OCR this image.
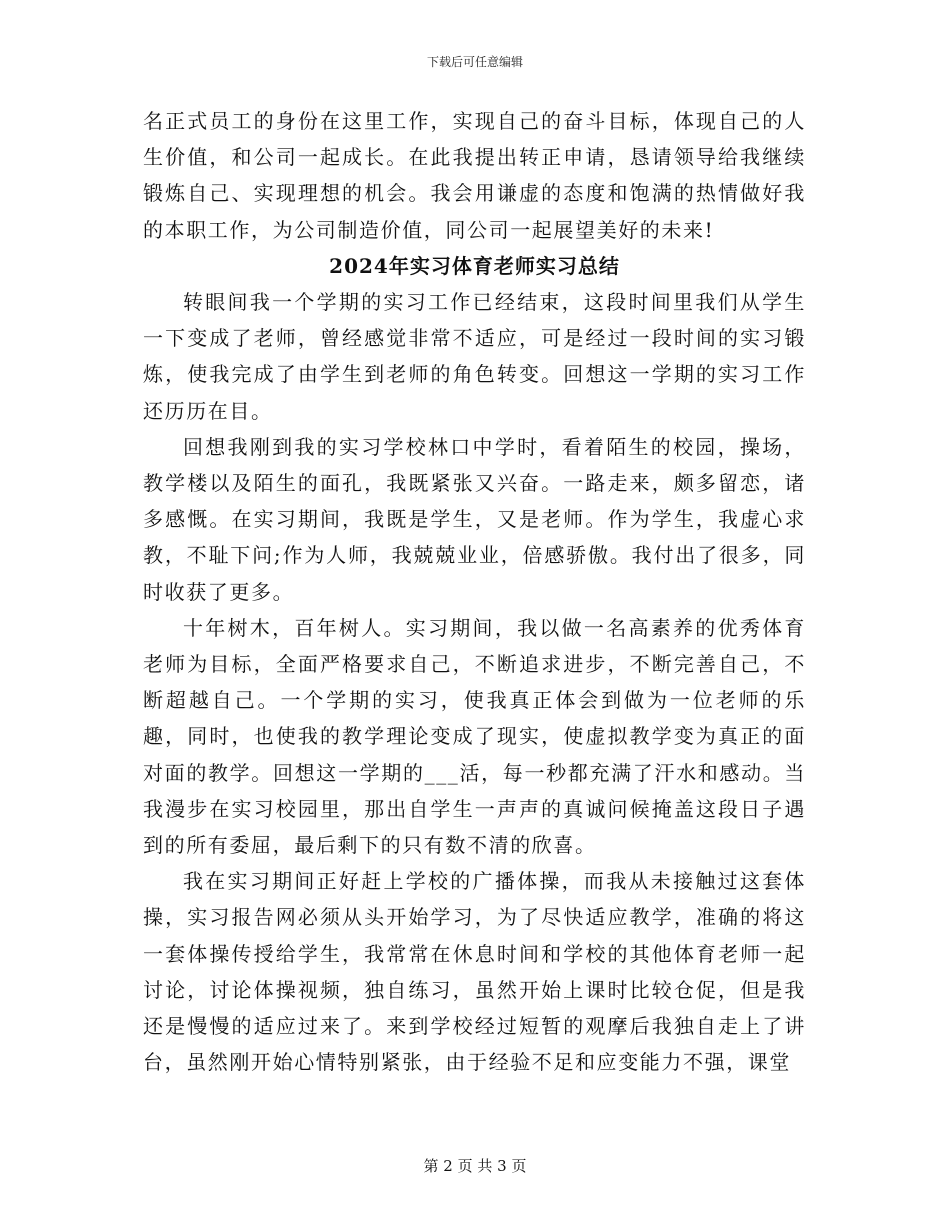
下载后可任意编辑

名正式员工的身份在这里工作，实现自己的奋斗目标，体现自己的人生价值，和公司一起成长。在此我提出转正申请，恳请领导给我继续锻炼自己、实现理想的机会。我会用谦虚的态度和饱满的热情做好我的本职工作，为公司制造价值，同公司一起展望美好的未来!

2024年实习体育老师实习总结

转眼间我一个学期的实习工作已经结束，这段时间里我们从学生一下变成了老师，曾经感觉非常不适应，可是经过一段时间的实习锻炼，使我完成了由学生到老师的角色转变。回想这一学期的实习工作还历历在目。

回想我刚到我的实习学校林口中学时，看着陌生的校园，操场，教学楼以及陌生的面孔，我既紧张又兴奋。一路走来，颇多留恋，诸多感慨。在实习期间，我既是学生，又是老师。作为学生，我虚心求教，不耻下问;作为人师，我兢兢业业，倍感骄傲。我付出了很多，同时收获了更多。

十年树木，百年树人。实习期间，我以做一名高素养的优秀体育老师为目标，全面严格要求自己，不断追求进步，不断完善自己，不断超越自己。一个学期的实习，使我真正体会到做为一位老师的乐趣，同时，也使我的教学理论变成了现实，使虚拟教学变为真正的面对面的教学。回想这一学期的___活，每一秒都充满了汗水和感动。当我漫步在实习校园里，那出自学生一声声的真诚问候掩盖这段日子遇到的所有委屈，最后剩下的只有数不清的欣喜。

我在实习期间正好赶上学校的广播体操，而我从未接触过这套体操，实习报告网必须从头开始学习，为了尽快适应教学，准确的将这一套体操传授给学生，我常常在休息时间和学校的其他体育老师一起讨论，讨论体操视频，独自练习，虽然开始上课时比较仓促，但是我还是慢慢的适应过来了。来到学校经过短暂的观摩后我独自走上了讲台，虽然刚开始心情特别紧张，由于经验不足和应变能力不强，课堂

第 2 页 共 3 页
